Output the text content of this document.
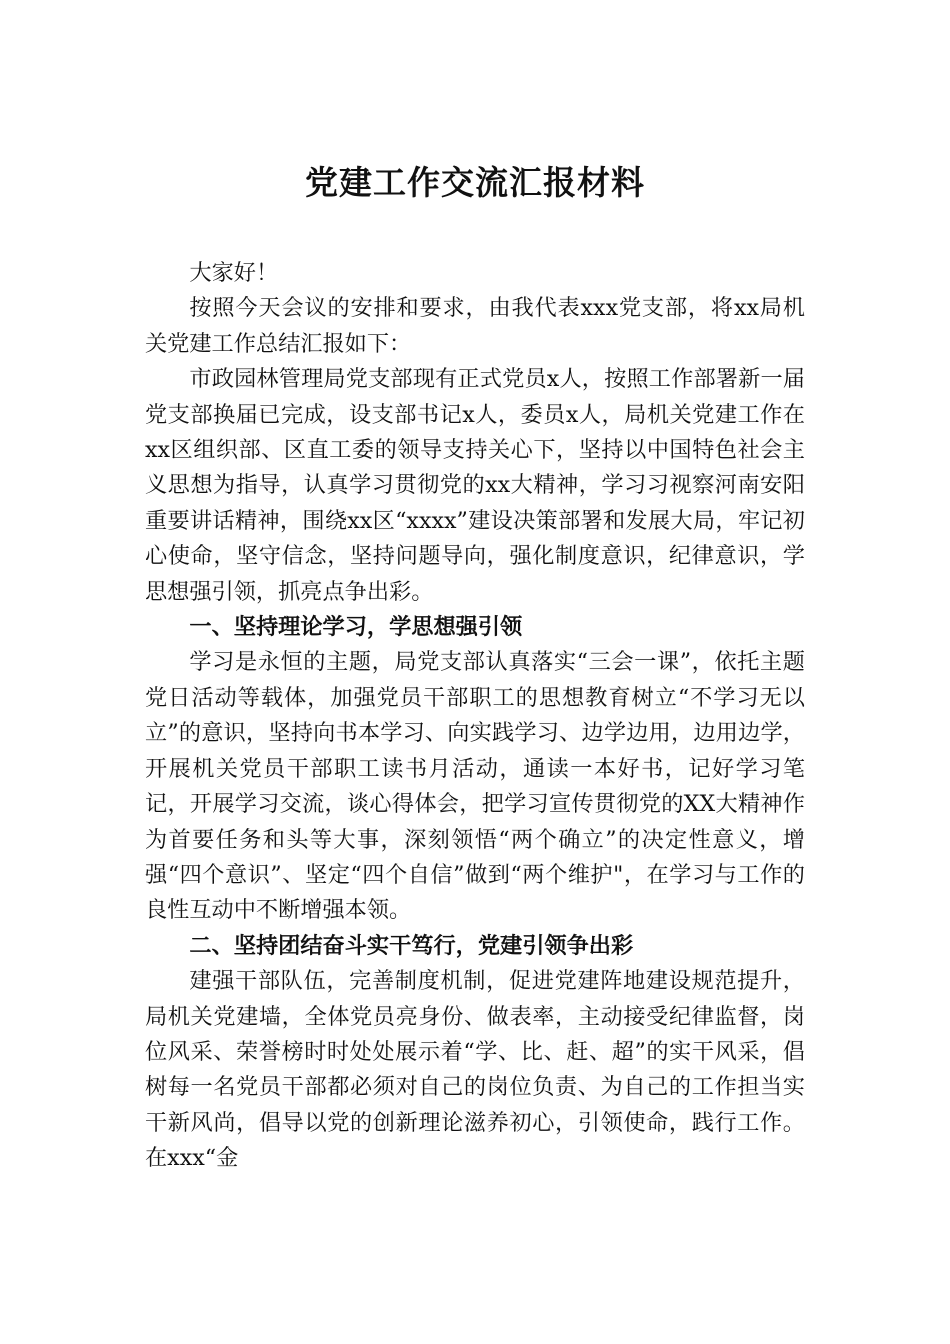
党建工作交流汇报材料

大家好！

按照今天会议的安排和要求，由我代表xxx党支部，将xx局机关党建工作总结汇报如下：

市政园林管理局党支部现有正式党员x人，按照工作部署新一届党支部换届已完成，设支部书记x人，委员x人，局机关党建工作在xx区组织部、区直工委的领导支持关心下，坚持以中国特色社会主义思想为指导，认真学习贯彻党的xx大精神，学习习视察河南安阳重要讲话精神，围绕xx区“xxxx”建设决策部署和发展大局，牢记初心使命，坚守信念，坚持问题导向，强化制度意识，纪律意识，学思想强引领，抓亮点争出彩。

一、坚持理论学习，学思想强引领

学习是永恒的主题，局党支部认真落实“三会一课”，依托主题党日活动等载体，加强党员干部职工的思想教育树立“不学习无以立”的意识，坚持向书本学习、向实践学习、边学边用，边用边学，开展机关党员干部职工读书月活动，通读一本好书，记好学习笔记，开展学习交流，谈心得体会，把学习宣传贯彻党的XX大精神作为首要任务和头等大事，深刻领悟“两个确立”的决定性意义，增强“四个意识”、坚定“四个自信”做到“两个维护"，在学习与工作的良性互动中不断增强本领。

二、坚持团结奋斗实干笃行，党建引领争出彩

建强干部队伍，完善制度机制，促进党建阵地建设规范提升，局机关党建墙，全体党员亮身份、做表率，主动接受纪律监督，岗位风采、荣誉榜时时处处展示着“学、比、赶、超”的实干风采，倡树每一名党员干部都必须对自己的岗位负责、为自己的工作担当实干新风尚，倡导以党的创新理论滋养初心，引领使命，践行工作。在xxx“金
